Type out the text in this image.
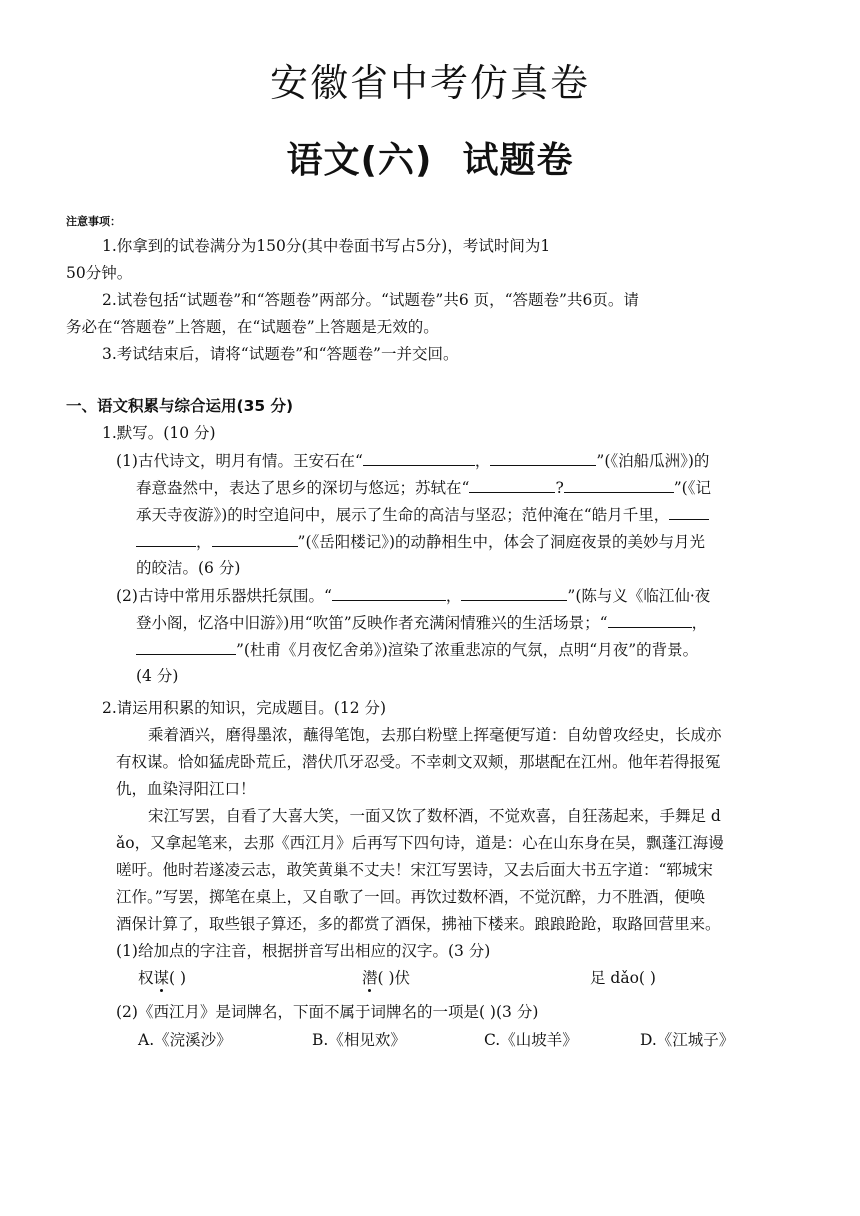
安徽省中考仿真卷
语文(六) 试题卷
注意事项：
1.你拿到的试卷满分为150分(其中卷面书写占5分)，考试时间为1
50分钟。
2.试卷包括“试题卷”和“答题卷”两部分。“试题卷”共6 页，“答题卷”共6页。请
务必在“答题卷”上答题，在“试题卷”上答题是无效的。
3.考试结束后，请将“试题卷”和“答题卷”一并交回。
一、语文积累与综合运用(35 分)
1.默写。(10 分)
(1)古代诗文，明月有情。王安石在“	，	”(《泊船瓜洲》)的
春意盎然中，表达了思乡的深切与悠远；苏轼在“	?	”(《记
承天寺夜游》)的时空追问中，展示了生命的高洁与坚忍；范仲淹在“皓月千里，
，	”(《岳阳楼记》)的动静相生中，体会了洞庭夜景的美妙与月光
的皎洁。(6 分)
(2)古诗中常用乐器烘托氛围。“	，	”(陈与义《临江仙·夜
登小阁，忆洛中旧游》)用“吹笛”反映作者充满闲情雅兴的生活场景；“	，
”(杜甫《月夜忆舍弟》)渲染了浓重悲凉的气氛，点明“月夜”的背景。
(4 分)
2.请运用积累的知识，完成题目。(12 分)
乘着酒兴，磨得墨浓，蘸得笔饱，去那白粉壁上挥毫便写道：自幼曾攻经史，长成亦
有权谋。恰如猛虎卧荒丘，潜伏爪牙忍受。不幸刺文双颊，那堪配在江州。他年若得报冤
仇，血染浔阳江口！
宋江写罢，自看了大喜大笑，一面又饮了数杯酒，不觉欢喜，自狂荡起来，手舞足 d
ǎo，又拿起笔来，去那《西江月》后再写下四句诗，道是：心在山东身在吴，飘蓬江海谩
嗟吁。他时若遂凌云志，敢笑黄巢不丈夫！宋江写罢诗，又去后面大书五字道：“郓城宋
江作。”写罢，掷笔在桌上，又自歌了一回。再饮过数杯酒，不觉沉醉，力不胜酒，便唤
酒保计算了，取些银子算还，多的都赏了酒保，拂袖下楼来。踉踉跄跄，取路回营里来。
(1)给加点的字注音，根据拼音写出相应的汉字。(3 分)
权谋( )	潜( )伏	足 dǎo( )
(2)《西江月》是词牌名，下面不属于词牌名的一项是( )(3 分)
A.《浣溪沙》	B.《相见欢》	C.《山坡羊》	D.《江城子》
